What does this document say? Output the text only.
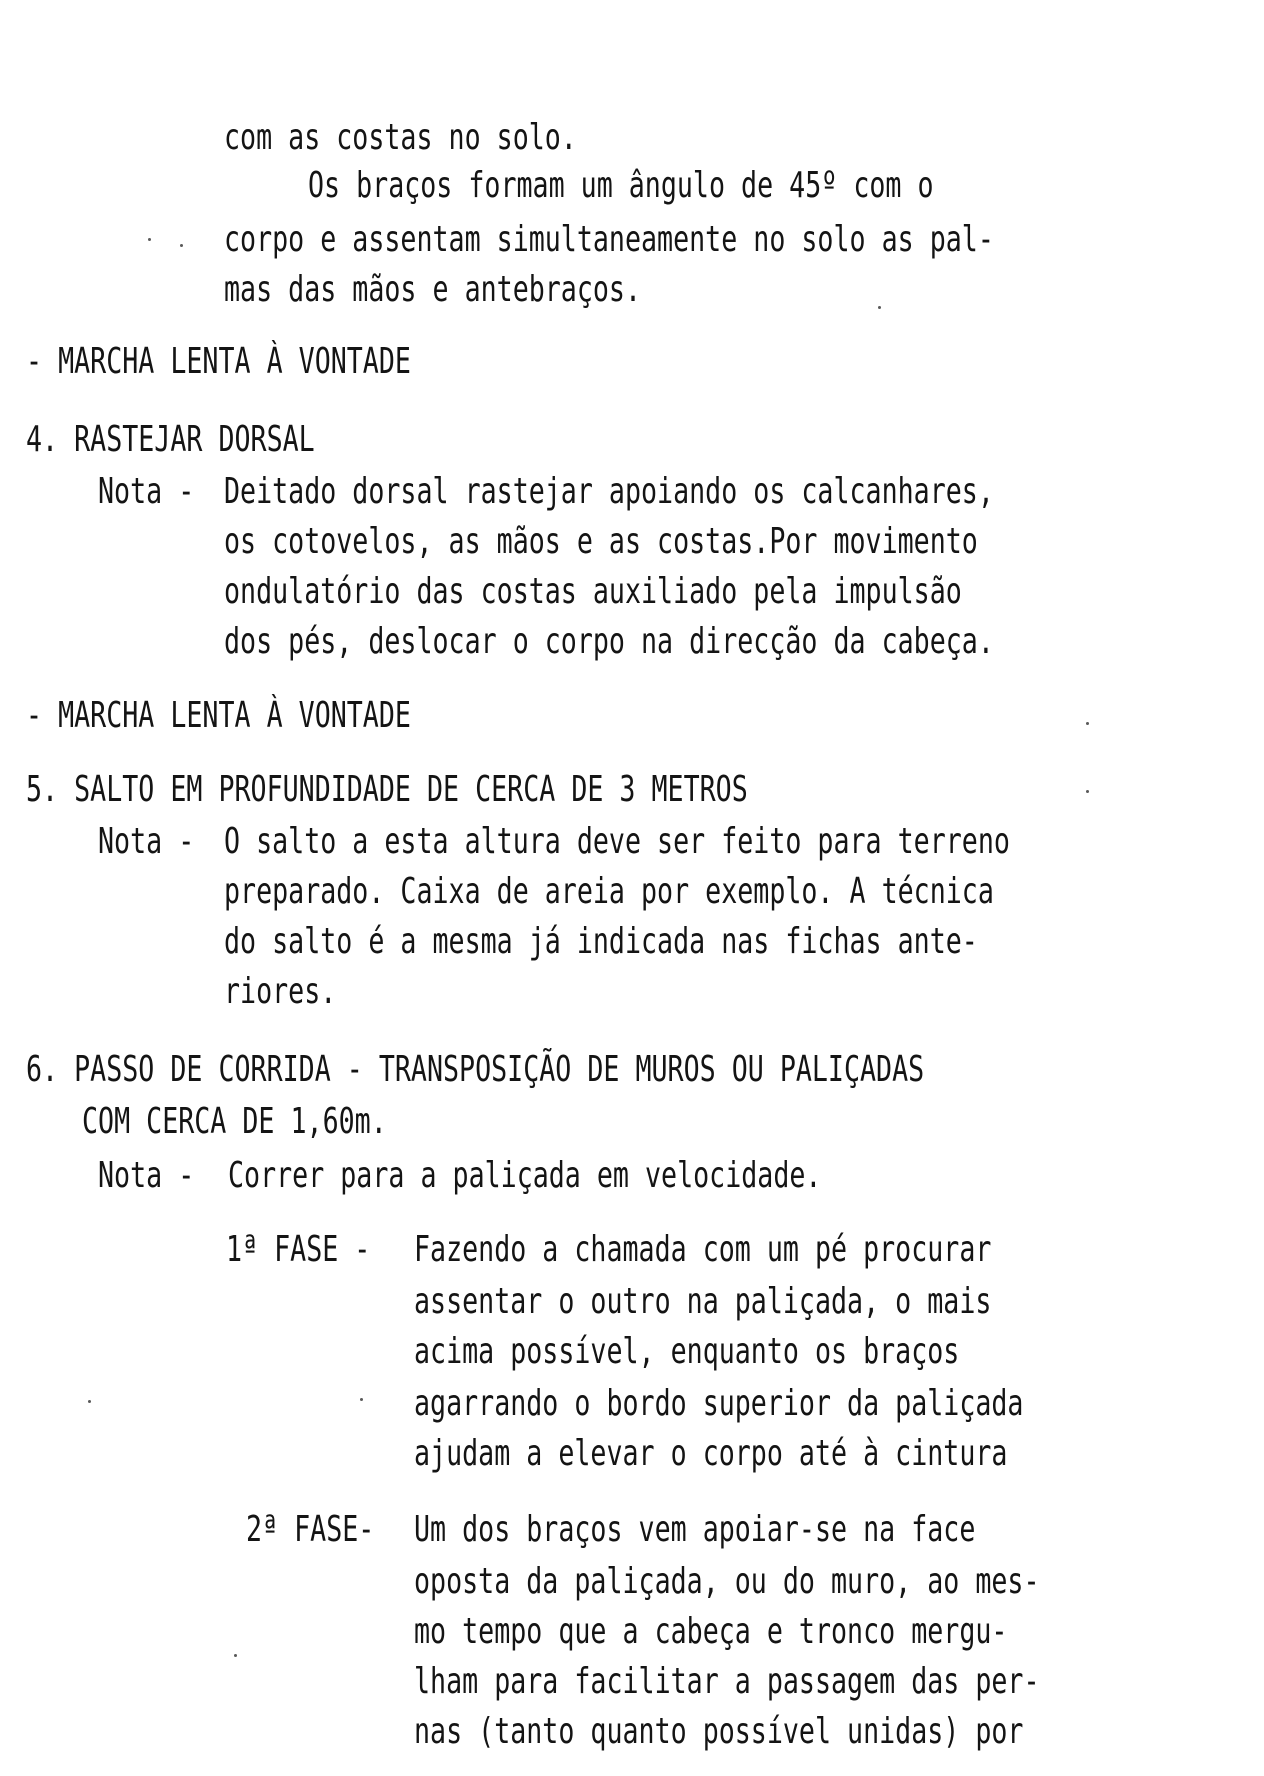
com as costas no solo.
Os braços formam um ângulo de 45º com o
corpo e assentam simultaneamente no solo as pal-
mas das mãos e antebraços.
- MARCHA LENTA À VONTADE
4. RASTEJAR DORSAL
Nota - Deitado dorsal rastejar apoiando os calcanhares,
os cotovelos, as mãos e as costas.Por movimento
ondulatório das costas auxiliado pela impulsão
dos pés, deslocar o corpo na direcção da cabeça.
- MARCHA LENTA À VONTADE
5. SALTO EM PROFUNDIDADE DE CERCA DE 3 METROS
Nota - O salto a esta altura deve ser feito para terreno
preparado. Caixa de areia por exemplo. A técnica
do salto é a mesma já indicada nas fichas ante-
riores.
6. PASSO DE CORRIDA - TRANSPOSIÇÃO DE MUROS OU PALIÇADAS
COM CERCA DE 1,60m.
Nota - Correr para a paliçada em velocidade.
1ª FASE - Fazendo a chamada com um pé procurar
assentar o outro na paliçada, o mais
acima possível, enquanto os braços
agarrando o bordo superior da paliçada
ajudam a elevar o corpo até à cintura
2ª FASE- Um dos braços vem apoiar-se na face
oposta da paliçada, ou do muro, ao mes-
mo tempo que a cabeça e tronco mergu-
lham para facilitar a passagem das per-
nas (tanto quanto possível unidas) por
